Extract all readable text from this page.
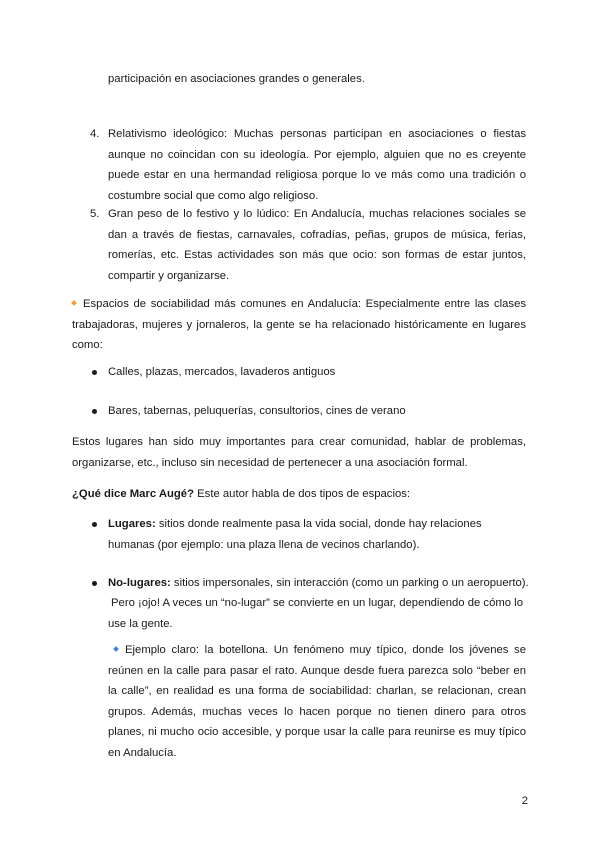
participación en asociaciones grandes o generales.
4. Relativismo ideológico: Muchas personas participan en asociaciones o fiestas aunque no coincidan con su ideología. Por ejemplo, alguien que no es creyente puede estar en una hermandad religiosa porque lo ve más como una tradición o costumbre social que como algo religioso.
5. Gran peso de lo festivo y lo lúdico: En Andalucía, muchas relaciones sociales se dan a través de fiestas, carnavales, cofradías, peñas, grupos de música, ferias, romerías, etc. Estas actividades son más que ocio: son formas de estar juntos, compartir y organizarse.
Espacios de sociabilidad más comunes en Andalucía: Especialmente entre las clases trabajadoras, mujeres y jornaleros, la gente se ha relacionado históricamente en lugares como:
Calles, plazas, mercados, lavaderos antiguos
Bares, tabernas, peluquerías, consultorios, cines de verano
Estos lugares han sido muy importantes para crear comunidad, hablar de problemas, organizarse, etc., incluso sin necesidad de pertenecer a una asociación formal.
¿Qué dice Marc Augé? Este autor habla de dos tipos de espacios:
Lugares: sitios donde realmente pasa la vida social, donde hay relaciones humanas (por ejemplo: una plaza llena de vecinos charlando).
No-lugares: sitios impersonales, sin interacción (como un parking o un aeropuerto).
Pero ¡ojo! A veces un “no-lugar” se convierte en un lugar, dependiendo de cómo lo use la gente.
Ejemplo claro: la botellona. Un fenómeno muy típico, donde los jóvenes se reúnen en la calle para pasar el rato. Aunque desde fuera parezca solo “beber en la calle”, en realidad es una forma de sociabilidad: charlan, se relacionan, crean grupos. Además, muchas veces lo hacen porque no tienen dinero para otros planes, ni mucho ocio accesible, y porque usar la calle para reunirse es muy típico en Andalucía.
2
